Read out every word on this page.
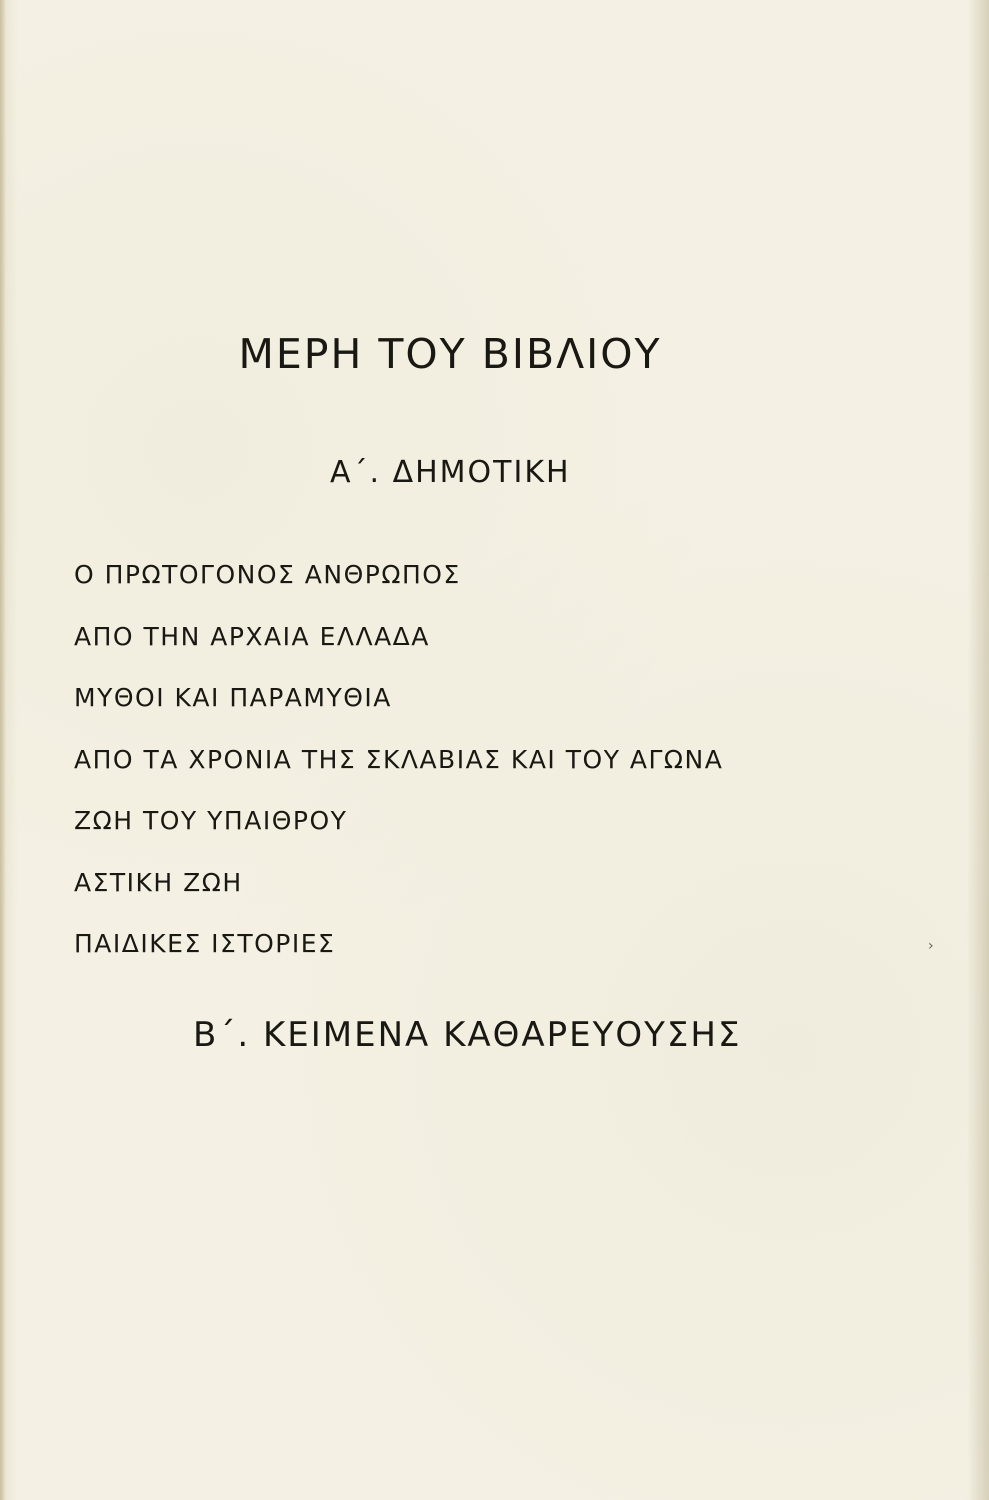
ΜΕΡΗ ΤΟΥ ΒΙΒΛΙΟΥ
Α΄. ΔΗΜΟΤΙΚΗ
Ο ΠΡΩΤΟΓΟΝΟΣ ΑΝΘΡΩΠΟΣ
ΑΠΟ ΤΗΝ ΑΡΧΑΙΑ ΕΛΛΑΔΑ
ΜΥΘΟΙ ΚΑΙ ΠΑΡΑΜΥΘΙΑ
ΑΠΟ ΤΑ ΧΡΟΝΙΑ ΤΗΣ ΣΚΛΑΒΙΑΣ ΚΑΙ ΤΟΥ ΑΓΩΝΑ
ΖΩΗ ΤΟΥ ΥΠΑΙΘΡΟΥ
ΑΣΤΙΚΗ ΖΩΗ
ΠΑΙΔΙΚΕΣ ΙΣΤΟΡΙΕΣ
Β΄. ΚΕΙΜΕΝΑ ΚΑΘΑΡΕΥΟΥΣΗΣ
›
